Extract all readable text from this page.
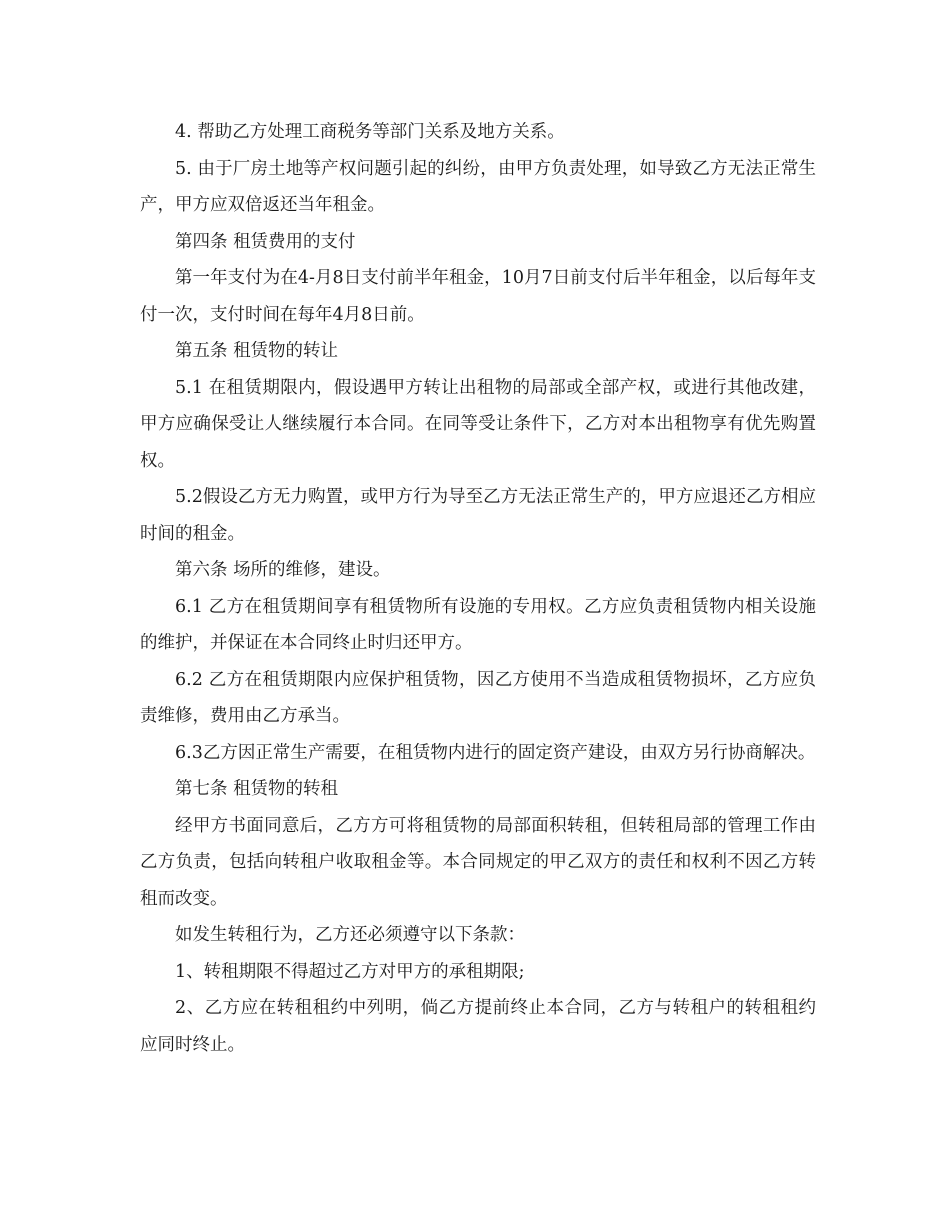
4. 帮助乙方处理工商税务等部门关系及地方关系。

5. 由于厂房土地等产权问题引起的纠纷，由甲方负责处理，如导致乙方无法正常生产，甲方应双倍返还当年租金。

第四条 租赁费用的支付

第一年支付为在4-月8日支付前半年租金，10月7日前支付后半年租金，以后每年支付一次，支付时间在每年4月8日前。

第五条 租赁物的转让

5.1 在租赁期限内，假设遇甲方转让出租物的局部或全部产权，或进行其他改建，甲方应确保受让人继续履行本合同。在同等受让条件下，乙方对本出租物享有优先购置权。

5.2假设乙方无力购置，或甲方行为导至乙方无法正常生产的，甲方应退还乙方相应时间的租金。

第六条 场所的维修，建设。

6.1 乙方在租赁期间享有租赁物所有设施的专用权。乙方应负责租赁物内相关设施的维护，并保证在本合同终止时归还甲方。

6.2 乙方在租赁期限内应保护租赁物，因乙方使用不当造成租赁物损坏，乙方应负责维修，费用由乙方承当。

6.3乙方因正常生产需要，在租赁物内进行的固定资产建设，由双方另行协商解决。

第七条 租赁物的转租

经甲方书面同意后，乙方方可将租赁物的局部面积转租，但转租局部的管理工作由乙方负责，包括向转租户收取租金等。本合同规定的甲乙双方的责任和权利不因乙方转租而改变。

如发生转租行为，乙方还必须遵守以下条款：

1、转租期限不得超过乙方对甲方的承租期限;

2、乙方应在转租租约中列明，倘乙方提前终止本合同，乙方与转租户的转租租约应同时终止。
